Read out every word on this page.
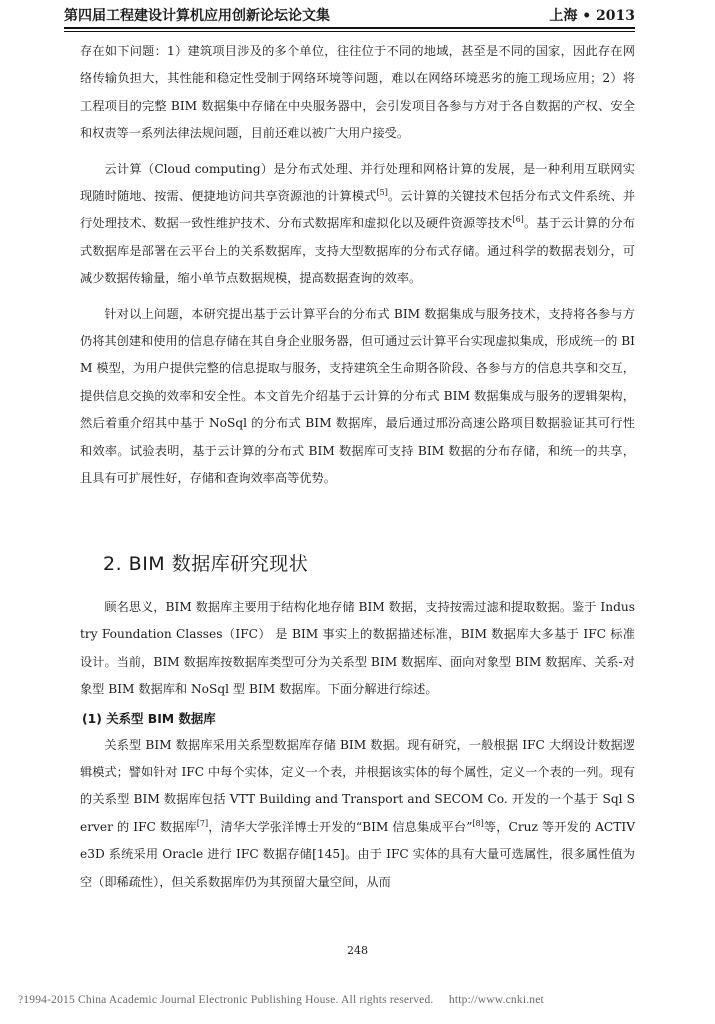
第四届工程建设计算机应用创新论坛论文集	上海 • 2013

存在如下问题：1）建筑项目涉及的多个单位，往往位于不同的地域，甚至是不同的国家，因此存在网络传输负担大，其性能和稳定性受制于网络环境等问题，难以在网络环境恶劣的施工现场应用；2）将工程项目的完整 BIM 数据集中存储在中央服务器中，会引发项目各参与方对于各自数据的产权、安全和权责等一系列法律法规问题，目前还难以被广大用户接受。

云计算（Cloud computing）是分布式处理、并行处理和网格计算的发展，是一种利用互联网实现随时随地、按需、便捷地访问共享资源池的计算模式[5]。云计算的关键技术包括分布式文件系统、并行处理技术、数据一致性维护技术、分布式数据库和虚拟化以及硬件资源等技术[6]。基于云计算的分布式数据库是部署在云平台上的关系数据库，支持大型数据库的分布式存储。通过科学的数据表划分，可减少数据传输量，缩小单节点数据规模，提高数据查询的效率。

针对以上问题，本研究提出基于云计算平台的分布式 BIM 数据集成与服务技术，支持将各参与方仍将其创建和使用的信息存储在其自身企业服务器，但可通过云计算平台实现虚拟集成，形成统一的 BIM 模型，为用户提供完整的信息提取与服务，支持建筑全生命期各阶段、各参与方的信息共享和交互，提供信息交换的效率和安全性。本文首先介绍基于云计算的分布式 BIM 数据集成与服务的逻辑架构，然后着重介绍其中基于 NoSql 的分布式 BIM 数据库，最后通过邢汾高速公路项目数据验证其可行性和效率。试验表明，基于云计算的分布式 BIM 数据库可支持 BIM 数据的分布存储，和统一的共享，且具有可扩展性好，存储和查询效率高等优势。

2. BIM 数据库研究现状

顾名思义，BIM 数据库主要用于结构化地存储 BIM 数据，支持按需过滤和提取数据。鉴于 Industry Foundation Classes（IFC） 是 BIM 事实上的数据描述标准，BIM 数据库大多基于 IFC 标准设计。当前，BIM 数据库按数据库类型可分为关系型 BIM 数据库、面向对象型 BIM 数据库、关系-对象型 BIM 数据库和 NoSql 型 BIM 数据库。下面分解进行综述。

(1) 关系型 BIM 数据库

关系型 BIM 数据库采用关系型数据库存储 BIM 数据。现有研究，一般根据 IFC 大纲设计数据逻辑模式；譬如针对 IFC 中每个实体，定义一个表，并根据该实体的每个属性，定义一个表的一列。现有的关系型 BIM 数据库包括 VTT Building and Transport and SECOM Co. 开发的一个基于 Sql Server 的 IFC 数据库[7]，清华大学张洋博士开发的“BIM 信息集成平台”[8]等，Cruz 等开发的 ACTIVe3D 系统采用 Oracle 进行 IFC 数据存储[145]。由于 IFC 实体的具有大量可选属性，很多属性值为空（即稀疏性），但关系数据库仍为其预留大量空间，从而

248
?1994-2015 China Academic Journal Electronic Publishing House. All rights reserved. http://www.cnki.net
